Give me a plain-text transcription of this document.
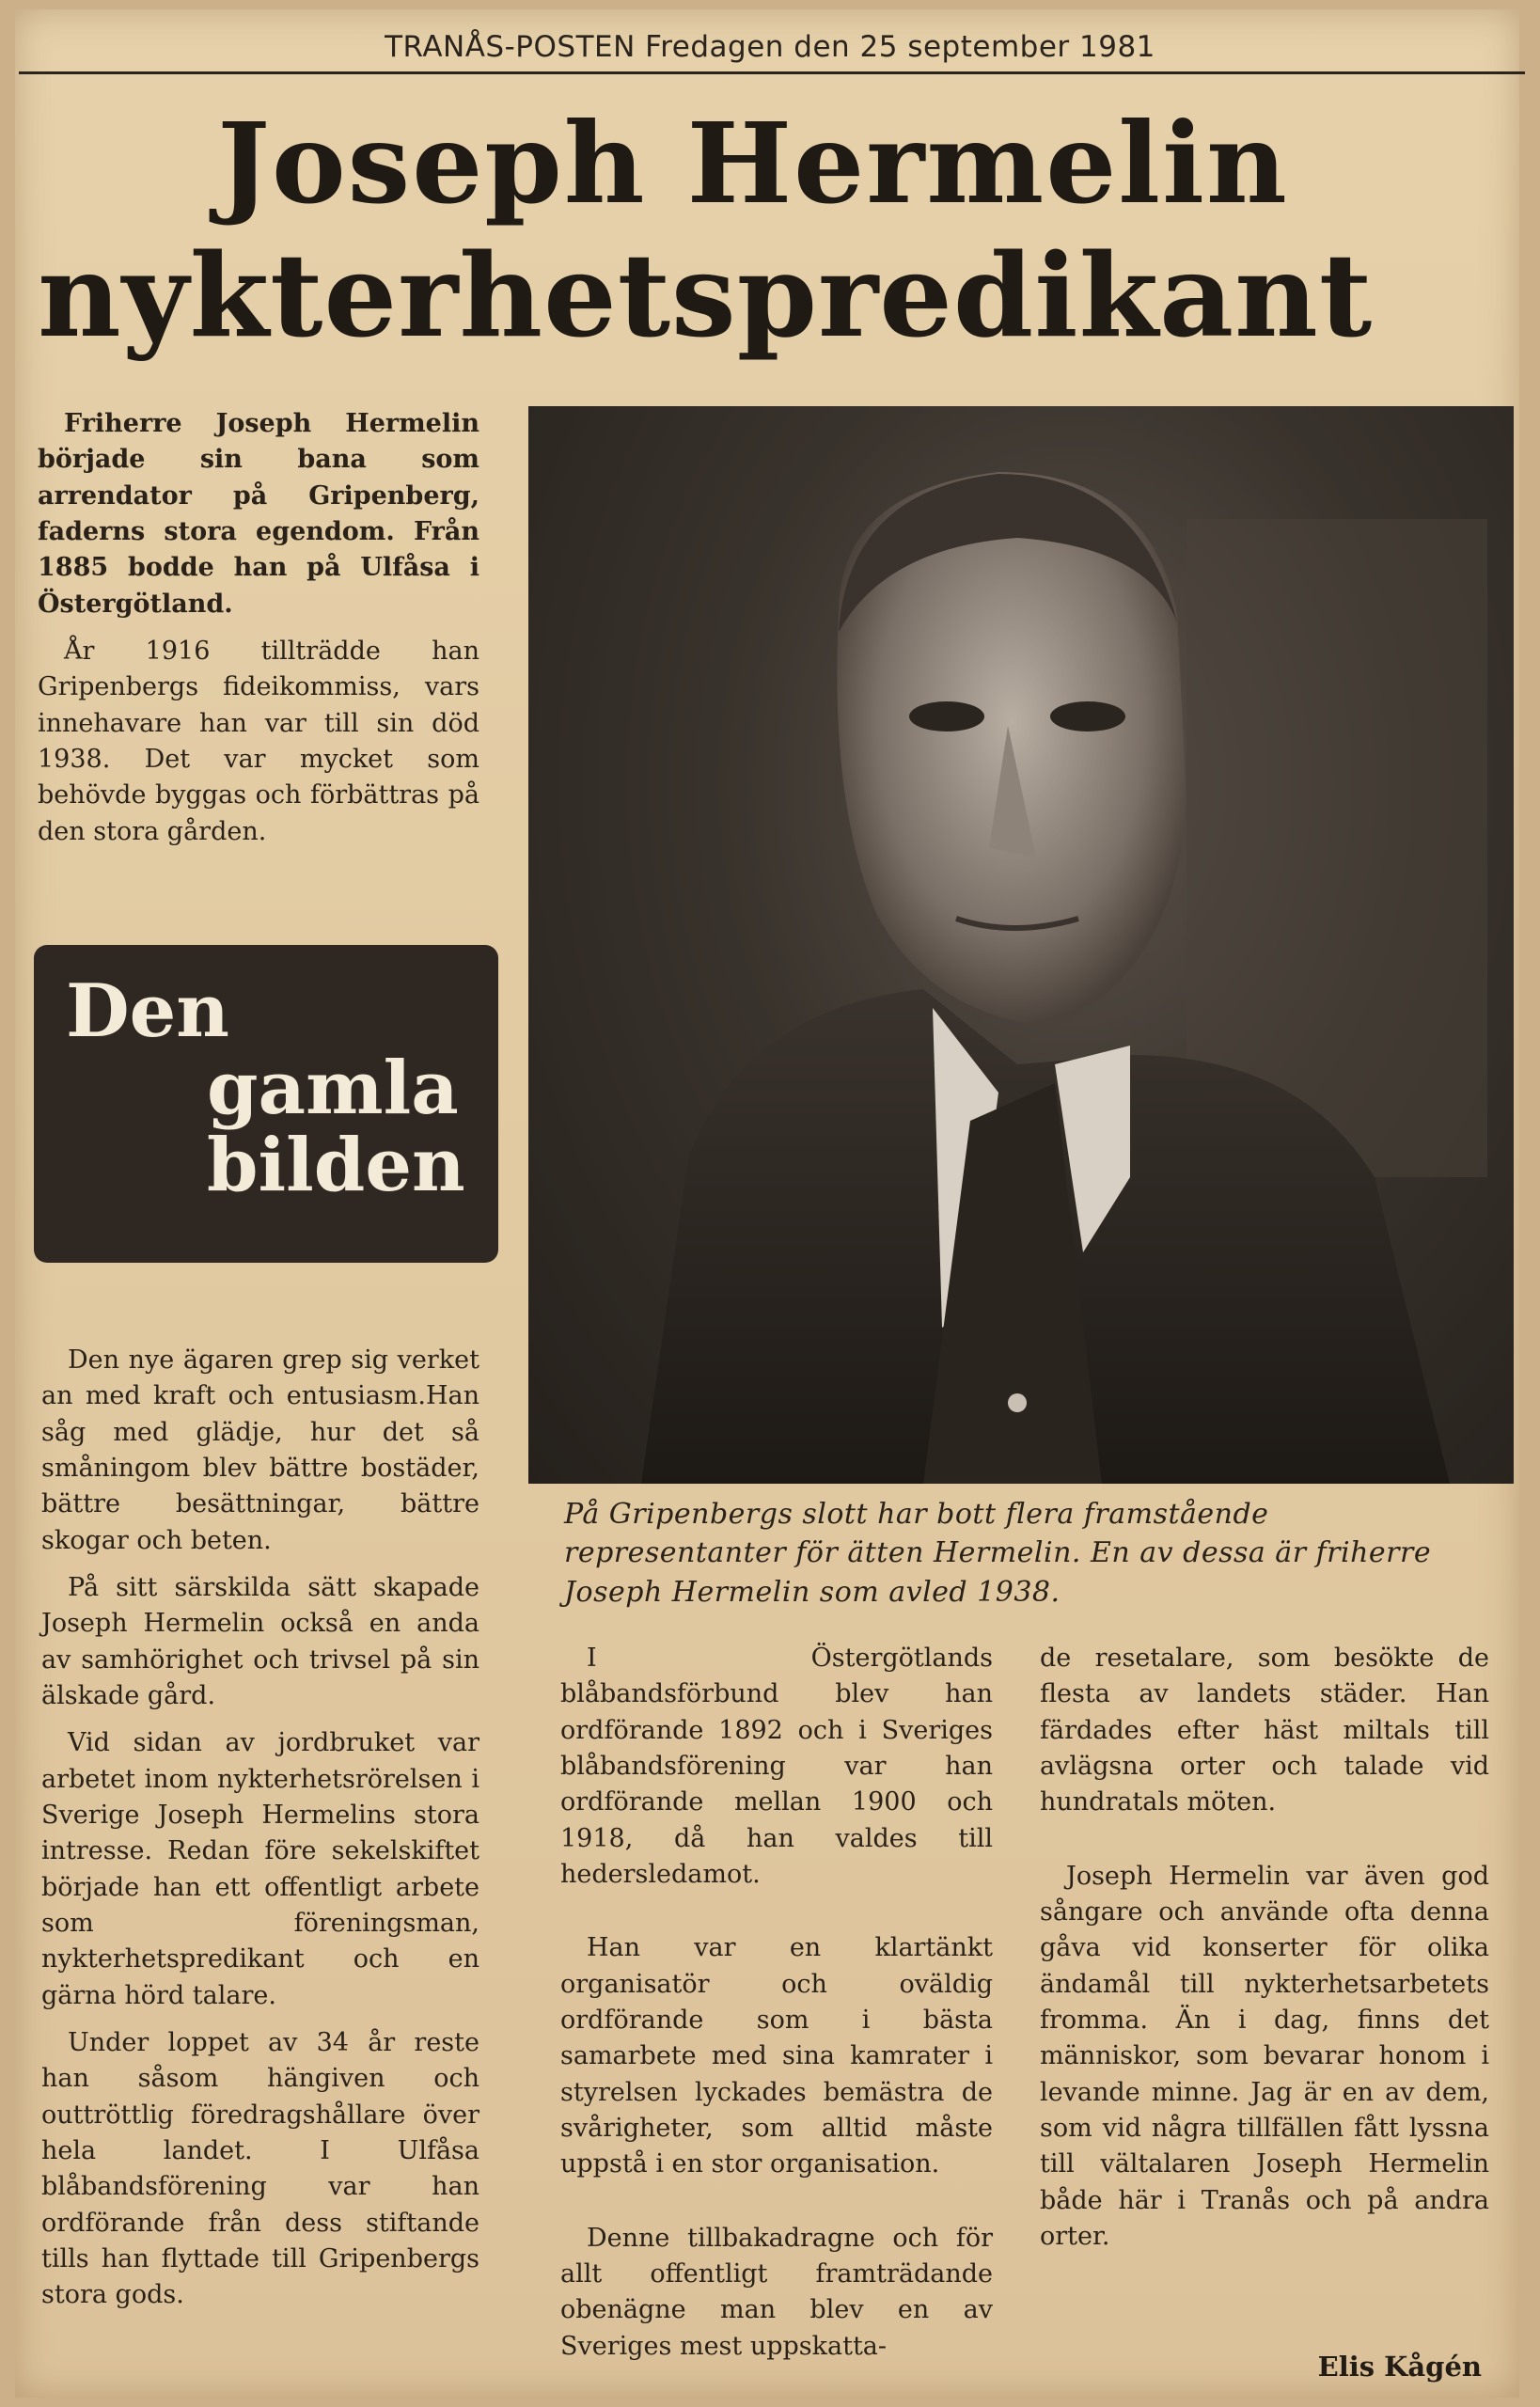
TRANÅS-POSTEN Fredagen den 25 september 1981
Joseph Hermelin
nykterhetspredikant

Friherre Joseph Hermelin började sin bana som arrendator på Gripenberg, faderns stora egendom. Från 1885 bodde han på Ulfåsa i Östergötland.

År 1916 tillträdde han Gripenbergs fideikommiss, vars innehavare han var till sin död 1938. Det var mycket som behövde byggas och förbättras på den stora gården.

Den
gamla
bilden

Den nye ägaren grep sig verket an med kraft och entusiasm.Han såg med glädje, hur det så småningom blev bättre bostäder, bättre besättningar, bättre skogar och beten.

På sitt särskilda sätt skapade Joseph Hermelin också en anda av samhörighet och trivsel på sin älskade gård.

Vid sidan av jordbruket var arbetet inom nykterhetsrörelsen i Sverige Joseph Hermelins stora intresse. Redan före sekelskiftet började han ett offentligt arbete som föreningsman, nykterhetspredikant och en gärna hörd talare.

Under loppet av 34 år reste han såsom hängiven och outtröttlig föredragshållare över hela landet. I Ulfåsa blåbandsförening var han ordförande från dess stiftande tills han flyttade till Gripenbergs stora gods.

På Gripenbergs slott har bott flera framstående representanter för ätten Hermelin. En av dessa är friherre Joseph Hermelin som avled 1938.

I Östergötlands blåbandsförbund blev han ordförande 1892 och i Sveriges blåbandsförening var han ordförande mellan 1900 och 1918, då han valdes till hedersledamot.

Han var en klartänkt organisatör och oväldig ordförande som i bästa samarbete med sina kamrater i styrelsen lyckades bemästra de svårigheter, som alltid måste uppstå i en stor organisation.

Denne tillbakadragne och för allt offentligt framträdande obenägne man blev en av Sveriges mest uppskatta-

de resetalare, som besökte de flesta av landets städer. Han färdades efter häst miltals till avlägsna orter och talade vid hundratals möten.

Joseph Hermelin var även god sångare och använde ofta denna gåva vid konserter för olika ändamål till nykterhetsarbetets fromma. Än i dag, finns det människor, som bevarar honom i levande minne. Jag är en av dem, som vid några tillfällen fått lyssna till vältalaren Joseph Hermelin både här i Tranås och på andra orter.

Elis Kågén
